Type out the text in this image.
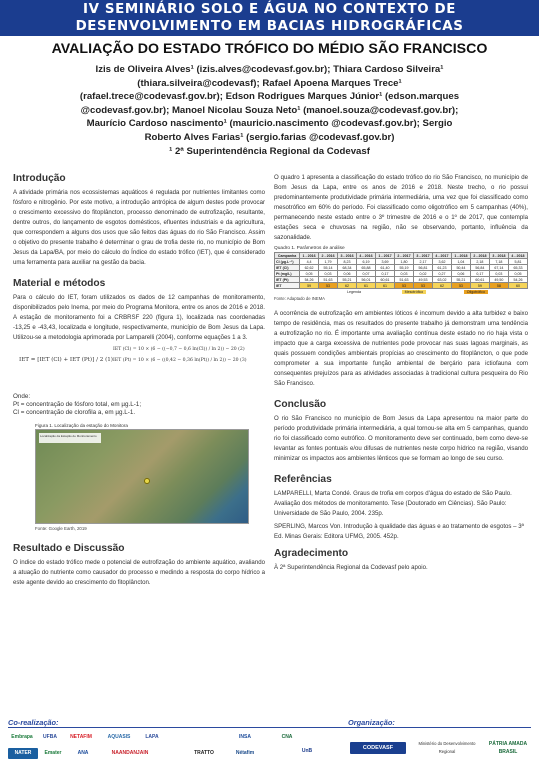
IV SEMINÁRIO SOLO E ÁGUA NO CONTEXTO DE
DESENVOLVIMENTO EM BACIAS HIDROGRÁFICAS
AVALIAÇÃO DO ESTADO TRÓFICO DO MÉDIO SÃO FRANCISCO
Izis de Oliveira Alves¹ (izis.alves@codevasf.gov.br); Thiara Cardoso Silveira¹
(thiara.silveira@codevasf); Rafael Apoena Marques Trece¹
(rafael.trece@codevasf.gov.br); Edson Rodrigues Marques Júnior¹ (edson.marques
@codevasf.gov.br); Manoel Nicolau Souza Neto¹ (manoel.souza@codevasf.gov.br);
Maurício Cardoso nascimento¹ (mauricio.nascimento @codevasf.gov.br); Sergio
Roberto Alves Farias¹ (sergio.farias @codevasf.gov.br)
¹ 2ª Superintendência Regional da Codevasf
Introdução

A atividade primária nos ecossistemas aquáticos é regulada por nutrientes limitantes como fósforo e nitrogênio. Por este motivo, a introdução antrópica de algum destes pode provocar o crescimento excessivo do fitoplâncton, processo denominado de eutrofização, resultante, dentre outros, do lançamento de esgotos domésticos, efluentes industriais e da agricultura, que correspondem a alguns dos usos que são feitos das águas do rio São Francisco. Assim o objetivo do presente trabalho é determinar o grau de trofia deste rio, no município de Bom Jesus da Lapa/BA, por meio do cálculo do Índice do estado trófico (IET), que é considerado uma ferramenta para auxiliar na gestão da bacia.

Material e métodos

Para o cálculo do IET, foram utilizados os dados de 12 campanhas de monitoramento, disponibilizados pelo Inema, por meio do Programa Monitora, entre os anos de 2016 e 2018. A estação de monitoramento foi a CRBRSF 220 (figura 1), localizada nas coordenadas -13,25 e -43,43, localizada e longitude, respectivamente, município de Bom Jesus da Lapa. Utilizou-se a metodologia aprimorada por Lamparelli (2004), conforme equações 1 a 3.

IET = [IET (Cl) + IET (Pt)] / 2 (1)
IET (Cl) = 10 × (6 − ((−0,7 − 0,6 ln(Cl)) / ln 2)) − 20 (2)
IET (Pt) = 10 × (6 − ((0,42 − 0,36 ln(Pt)) / ln 2)) − 20 (3)
Onde:
Pt = concentração de fósforo total, em µg.L-1;
Cl = concentração de clorofila a, em µg.L-1.
Figura 1. Localização da estação do Monitora
Localização da Estação de Monitoramento
Fonte: Google Earth, 2019
Resultado e Discussão

O índice do estado trófico mede o potencial de eutrofização do ambiente aquático, avaliando a atuação do nutriente como causador do processo e medindo a resposta do corpo hídrico a este agente devido ao crescimento do fitoplâncton.

O quadro 1 apresenta a classificação do estado trófico do rio São Francisco, no município de Bom Jesus da Lapa, entre os anos de 2016 e 2018. Neste trecho, o rio possui predominantemente produtividade primária intermediária, uma vez que foi classificado como mesotrófico em 60% do período. Foi classificado como oligotrófico em 5 campanhas (40%), permanecendo neste estado entre o 3º trimestre de 2016 e o 1º de 2017, que contempla estações seca e chuvosas na região, não se observando, portanto, influência da sazonalidade.

Quadro 1. Parâmetros de análise
Campanha	1 - 2016	2 - 2016	3 - 2016	4 - 2016	1 - 2017	2 - 2017	3 - 2017	4 - 2017	1 - 2018	2 - 2018	3 - 2018	4 - 2018
Cl (µg.L⁻¹)	4,4	1,79	8,23	6,19	3,69	1,80	2,17	3,62	1,04	2,18	7,18	5,81
IET (Cl)	62,62	55,14	68,34	65,88	61,40	55,19	56,81	61,23	50,44	56,84	67,14	65,33
Pt (mg/L)	0,05	0,03	0,06	0,07	0,17	0,03	0,02	0,27	0,06	0,17	0,03	0,05
IET (Pt)	54,26	51,63	55,21	56,01	60,61	51,63	49,53	63,02	55,21	60,61	49,50	54,26
IET	59	53	62	61	61	53	53	62	53	59	58	60
Legenda	Mesotrófico	Oligotrófico
Fonte: Adaptado de INEMA

A ocorrência de eutrofização em ambientes lóticos é incomum devido a alta turbidez e baixo tempo de residência, mas os resultados do presente trabalho já demonstram uma tendência a eutrofização no rio. É importante uma avaliação contínua deste estado no rio haja vista o impacto que a carga excessiva de nutrientes pode provocar nas suas lagoas marginais, as quais possuem condições ambientais propícias ao crescimento do fitoplâncton, o que pode comprometer a sua importante função ambiental de berçário para ictiofauna com consequentes prejuízos para as atividades associadas à tradicional cultura pesqueira do Rio São Francisco.

Conclusão

O rio São Francisco no município de Bom Jesus da Lapa apresentou na maior parte do período produtividade primária intermediária, a qual tornou-se alta em 5 campanhas, quando rio foi classificado como eutrófico. O monitoramento deve ser continuado, bem como deve-se levantar as fontes pontuais e/ou difusas de nutrientes neste corpo hídrico na região, visando minimizar os impactos aos ambientes lênticos que se formam ao longo de seu curso.

Referências

LAMPARELLI, Marta Condé. Graus de trofia em corpos d'água do estado de São Paulo. Avaliação dos métodos de monitoramento. Tese (Doutorado em Ciências). São Paulo: Universidade de São Paulo, 2004. 235p.

SPERLING, Marcos Von. Introdução à qualidade das águas e ao tratamento de esgotos – 3ª Ed. Minas Gerais: Editora UFMG, 2005. 452p.

Agradecimento

À 2ª Superintendência Regional da Codevasf pelo apoio.

Co-realização:	Organização:
Embrapa	UFBA	NETAFIM	AQUASIS	LAPA	INSA	CNA
UnB
NATER	ANA	NAANDANJAIN	TRATTO	Nétafim
Emater
CODEVASF
Ministério do Desenvolvimento Regional
PÁTRIA AMADA BRASIL
